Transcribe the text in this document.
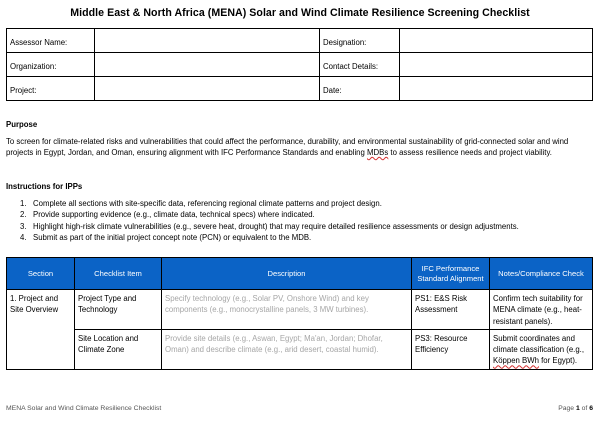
Middle East & North Africa (MENA) Solar and Wind Climate Resilience Screening Checklist
Assessor Name:		Designation:	
Organization:		Contact Details:	
Project:		Date:	
Purpose
To screen for climate-related risks and vulnerabilities that could affect the performance, durability, and environmental sustainability of grid-connected solar and wind projects in Egypt, Jordan, and Oman, ensuring alignment with IFC Performance Standards and enabling MDBs to assess resilience needs and project viability.
Instructions for IPPs
1. Complete all sections with site-specific data, referencing regional climate patterns and project design.
2. Provide supporting evidence (e.g., climate data, technical specs) where indicated.
3. Highlight high-risk climate vulnerabilities (e.g., severe heat, drought) that may require detailed resilience assessments or design adjustments.
4. Submit as part of the initial project concept note (PCN) or equivalent to the MDB.
Section	Checklist Item	Description	IFC Performance Standard Alignment	Notes/Compliance Check
1. Project and Site Overview	Project Type and Technology	Specify technology (e.g., Solar PV, Onshore Wind) and key components (e.g., monocrystalline panels, 3 MW turbines).	PS1: E&S Risk Assessment	Confirm tech suitability for MENA climate (e.g., heat-resistant panels).
	Site Location and Climate Zone	Provide site details (e.g., Aswan, Egypt; Ma'an, Jordan; Dhofar, Oman) and describe climate (e.g., arid desert, coastal humid).	PS3: Resource Efficiency	Submit coordinates and climate classification (e.g., Köppen BWh for Egypt).
MENA Solar and Wind Climate Resilience Checklist	Page 1 of 6
